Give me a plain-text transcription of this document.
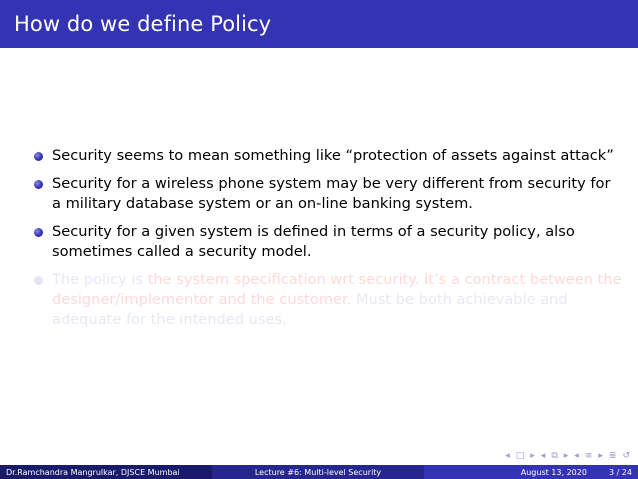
How do we define Policy
Security seems to mean something like “protection of assets against attack”
Security for a wireless phone system may be very different from security for a military database system or an on-line banking system.
Security for a given system is defined in terms of a security policy, also sometimes called a security model.
The policy is the system specification wrt security. It’s a contract between the designer/implementor and the customer. Must be both achievable and adequate for the intended uses.
◂ □ ▸ ◂ ⧉ ▸ ◂ ≡ ▸ ≣ ↺
Dr.Ramchandra Mangrulkar, DJSCE Mumbai	Lecture #6: Multi-level Security	August 13, 2020	3 / 24
